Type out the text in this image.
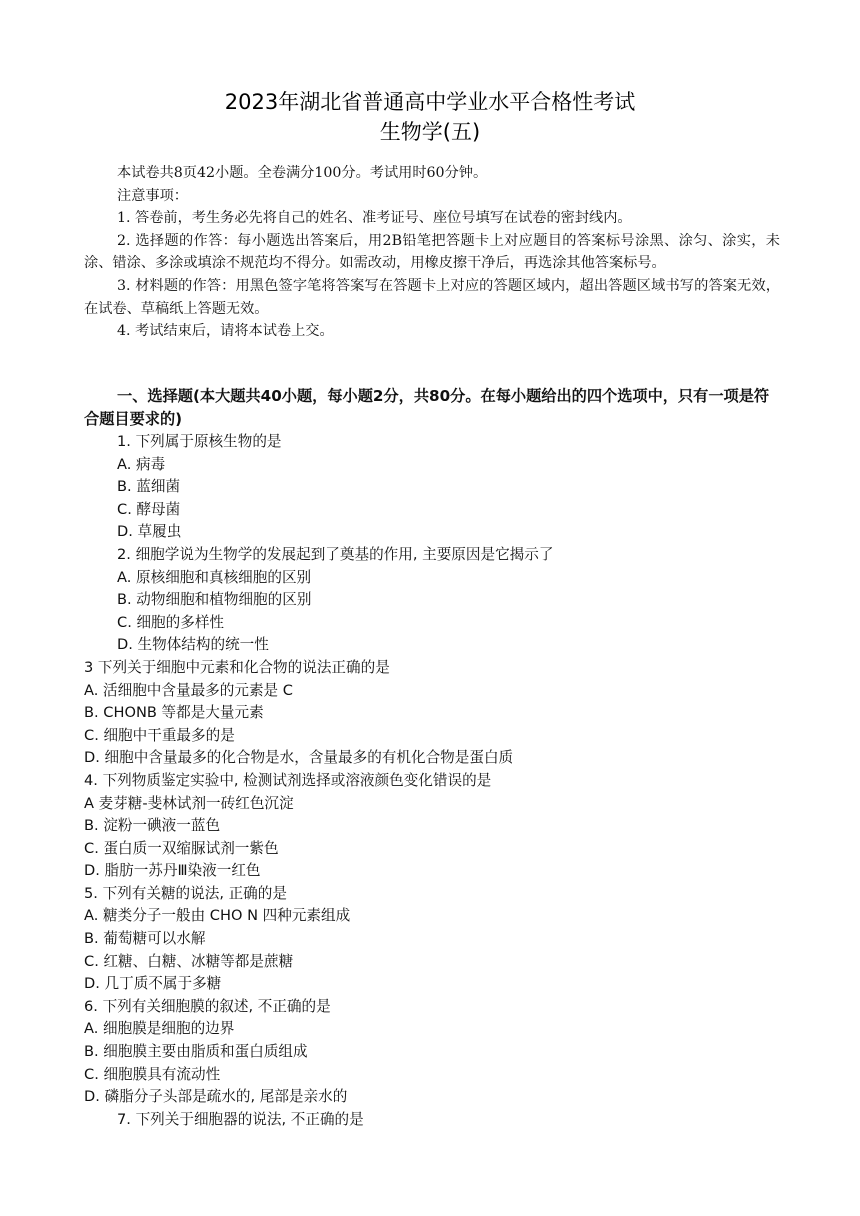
2023年湖北省普通高中学业水平合格性考试
生物学(五)

本试卷共8页42小题。全卷满分100分。考试用时60分钟。

注意事项：

1. 答卷前，考生务必先将自己的姓名、准考证号、座位号填写在试卷的密封线内。

2. 选择题的作答：每小题选出答案后，用2B铅笔把答题卡上对应题目的答案标号涂黑、涂匀、涂实，未涂、错涂、多涂或填涂不规范均不得分。如需改动，用橡皮擦干净后，再选涂其他答案标号。

3. 材料题的作答：用黑色签字笔将答案写在答题卡上对应的答题区域内，超出答题区域书写的答案无效，在试卷、草稿纸上答题无效。

4. 考试结束后，请将本试卷上交。

一、选择题(本大题共40小题，每小题2分，共80分。在每小题给出的四个选项中，只有一项是符合题目要求的)

1. 下列属于原核生物的是
A. 病毒
B. 蓝细菌
C. 酵母菌
D. 草履虫
2. 细胞学说为生物学的发展起到了奠基的作用, 主要原因是它揭示了
A. 原核细胞和真核细胞的区别
B. 动物细胞和植物细胞的区别
C. 细胞的多样性
D. 生物体结构的统一性
3 下列关于细胞中元素和化合物的说法正确的是
A. 活细胞中含量最多的元素是 C
B. CHONB 等都是大量元素
C. 细胞中干重最多的是
D. 细胞中含量最多的化合物是水，含量最多的有机化合物是蛋白质
4. 下列物质鉴定实验中, 检测试剂选择或溶液颜色变化错误的是
A 麦芽糖-斐林试剂一砖红色沉淀
B. 淀粉一碘液一蓝色
C. 蛋白质一双缩脲试剂一紫色
D. 脂肪一苏丹Ⅲ染液一红色
5. 下列有关糖的说法, 正确的是
A. 糖类分子一般由 CHO N 四种元素组成
B. 葡萄糖可以水解
C. 红糖、白糖、冰糖等都是蔗糖
D. 几丁质不属于多糖
6. 下列有关细胞膜的叙述, 不正确的是
A. 细胞膜是细胞的边界
B. 细胞膜主要由脂质和蛋白质组成
C. 细胞膜具有流动性
D. 磷脂分子头部是疏水的, 尾部是亲水的
7. 下列关于细胞器的说法, 不正确的是
